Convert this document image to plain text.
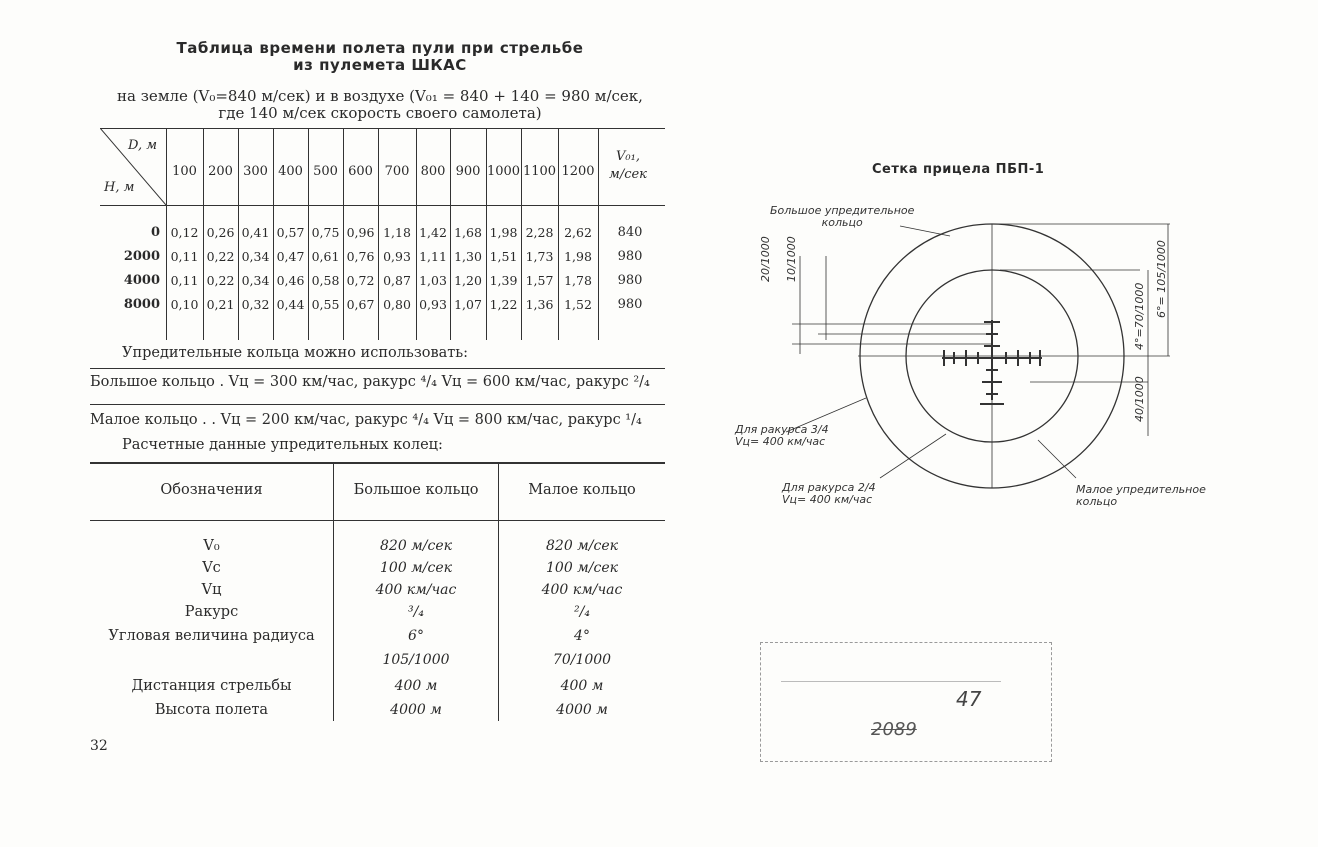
Таблица времени полета пули при стрельбе
из пулемета ШКАС
на земле (V₀=840 м/сек) и в воздухе (V₀₁ = 840 + 140 = 980 м/сек,
где 140 м/сек скорость своего самолета)
D, м
H, м
100 200 300 400 500 600 700 800 900 1000 1100 1200
V₀₁,
м/сек
0 0,12 0,26 0,41 0,57 0,75 0,96 1,18 1,42 1,68 1,98 2,28 2,62	840
2000 0,11 0,22 0,34 0,47 0,61 0,76 0,93 1,11 1,30 1,51 1,73 1,98	980
4000 0,11 0,22 0,34 0,46 0,58 0,72 0,87 1,03 1,20 1,39 1,57 1,78	980
8000 0,10 0,21 0,32 0,44 0,55 0,67 0,80 0,93 1,07 1,22 1,36 1,52	980
Упредительные кольца можно использовать:
Большое кольцо . Vц = 300 км/час, ракурс ⁴/₄ Vц = 600 км/час, ракурс ²/₄
Малое кольцо . . Vц = 200 км/час, ракурс ⁴/₄ Vц = 800 км/час, ракурс ¹/₄
Расчетные данные упредительных колец:
Обозначения	Большое кольцо	Малое кольцо
V₀	820 м/сек	820 м/сек
Vс	100 м/сек	100 м/сек
Vц	400 км/час	400 км/час
Ракурс	³/₄	²/₄
Угловая величина радиуса	6°	4°
105/1000	70/1000
Дистанция стрельбы	400 м	400 м
Высота полета	4000 м	4000 м
32
Сетка прицела ПБП-1
Большое упредительное
кольцо
Для ракурса 3/4
Vц= 400 км/час
Для ракурса 2/4
Vц= 400 км/час
Малое упредительное
кольцо
20/1000 10/1000
40/1000
4°=70/1000 6°= 105/1000
47
2089
